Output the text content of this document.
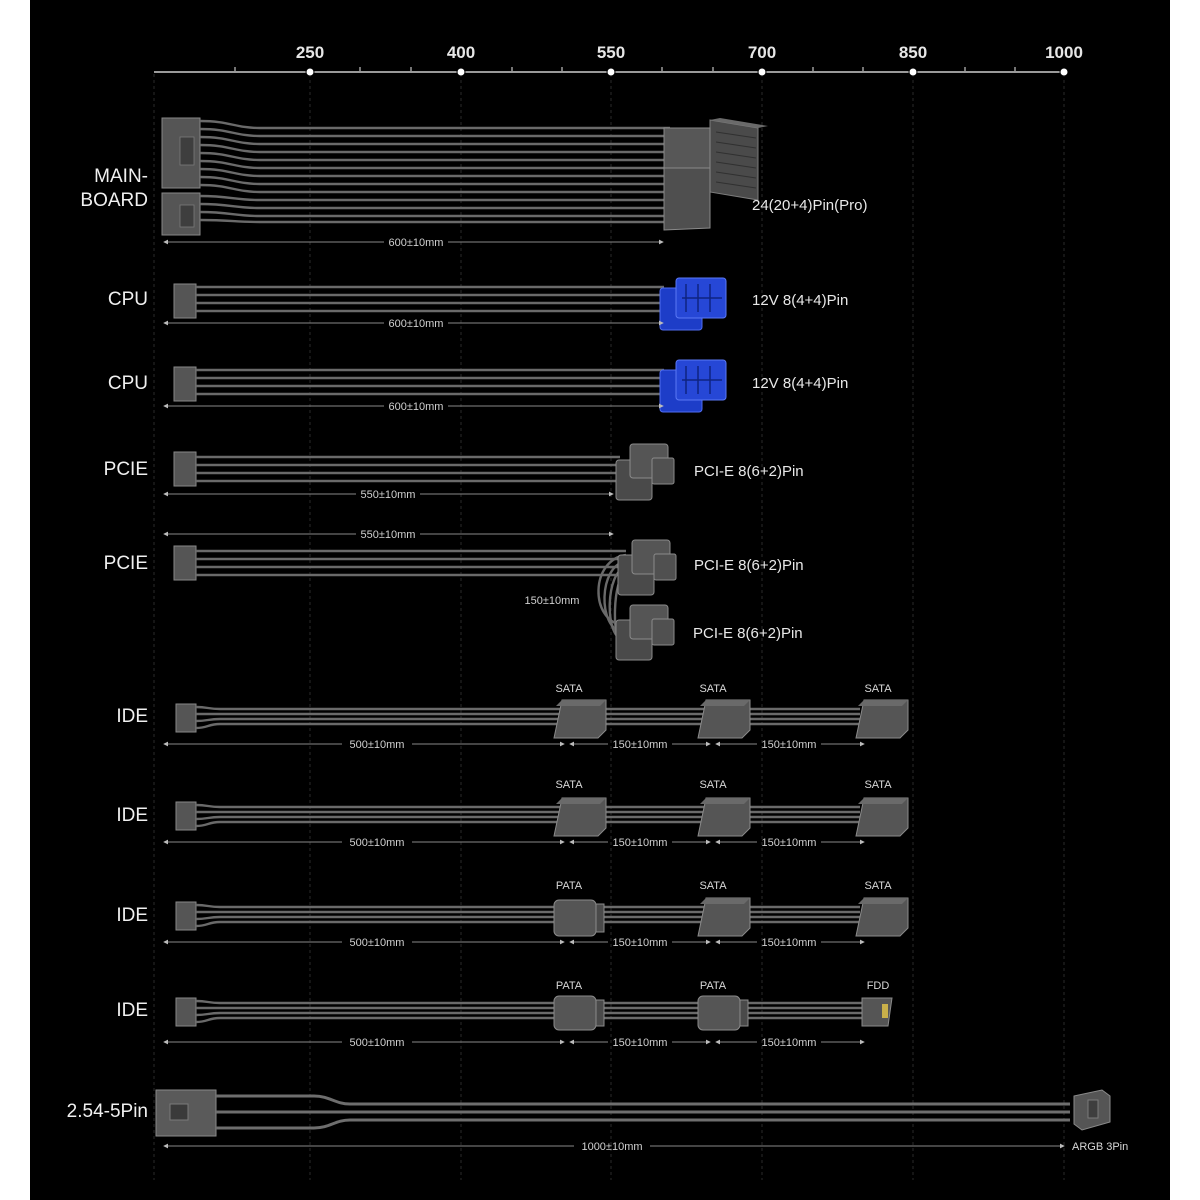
250	400	550	700	850	1000
MAIN-
BOARD	24(20+4)Pin(Pro)
600±10mm
CPU	12V 8(4+4)Pin
600±10mm
CPU	12V 8(4+4)Pin
600±10mm
PCIE	PCI-E 8(6+2)Pin
550±10mm
550±10mm
PCIE	PCI-E 8(6+2)Pin
PCI-E 8(6+2)Pin
150±10mm
IDE
SATA	SATA	SATA
500±10mm	150±10mm	150±10mm
IDE
SATA	SATA	SATA
500±10mm	150±10mm	150±10mm
IDE
PATA	SATA	SATA
500±10mm	150±10mm	150±10mm
IDE
PATA	PATA	FDD
500±10mm	150±10mm	150±10mm
2.54-5Pin
1000±10mm	ARGB 3Pin
